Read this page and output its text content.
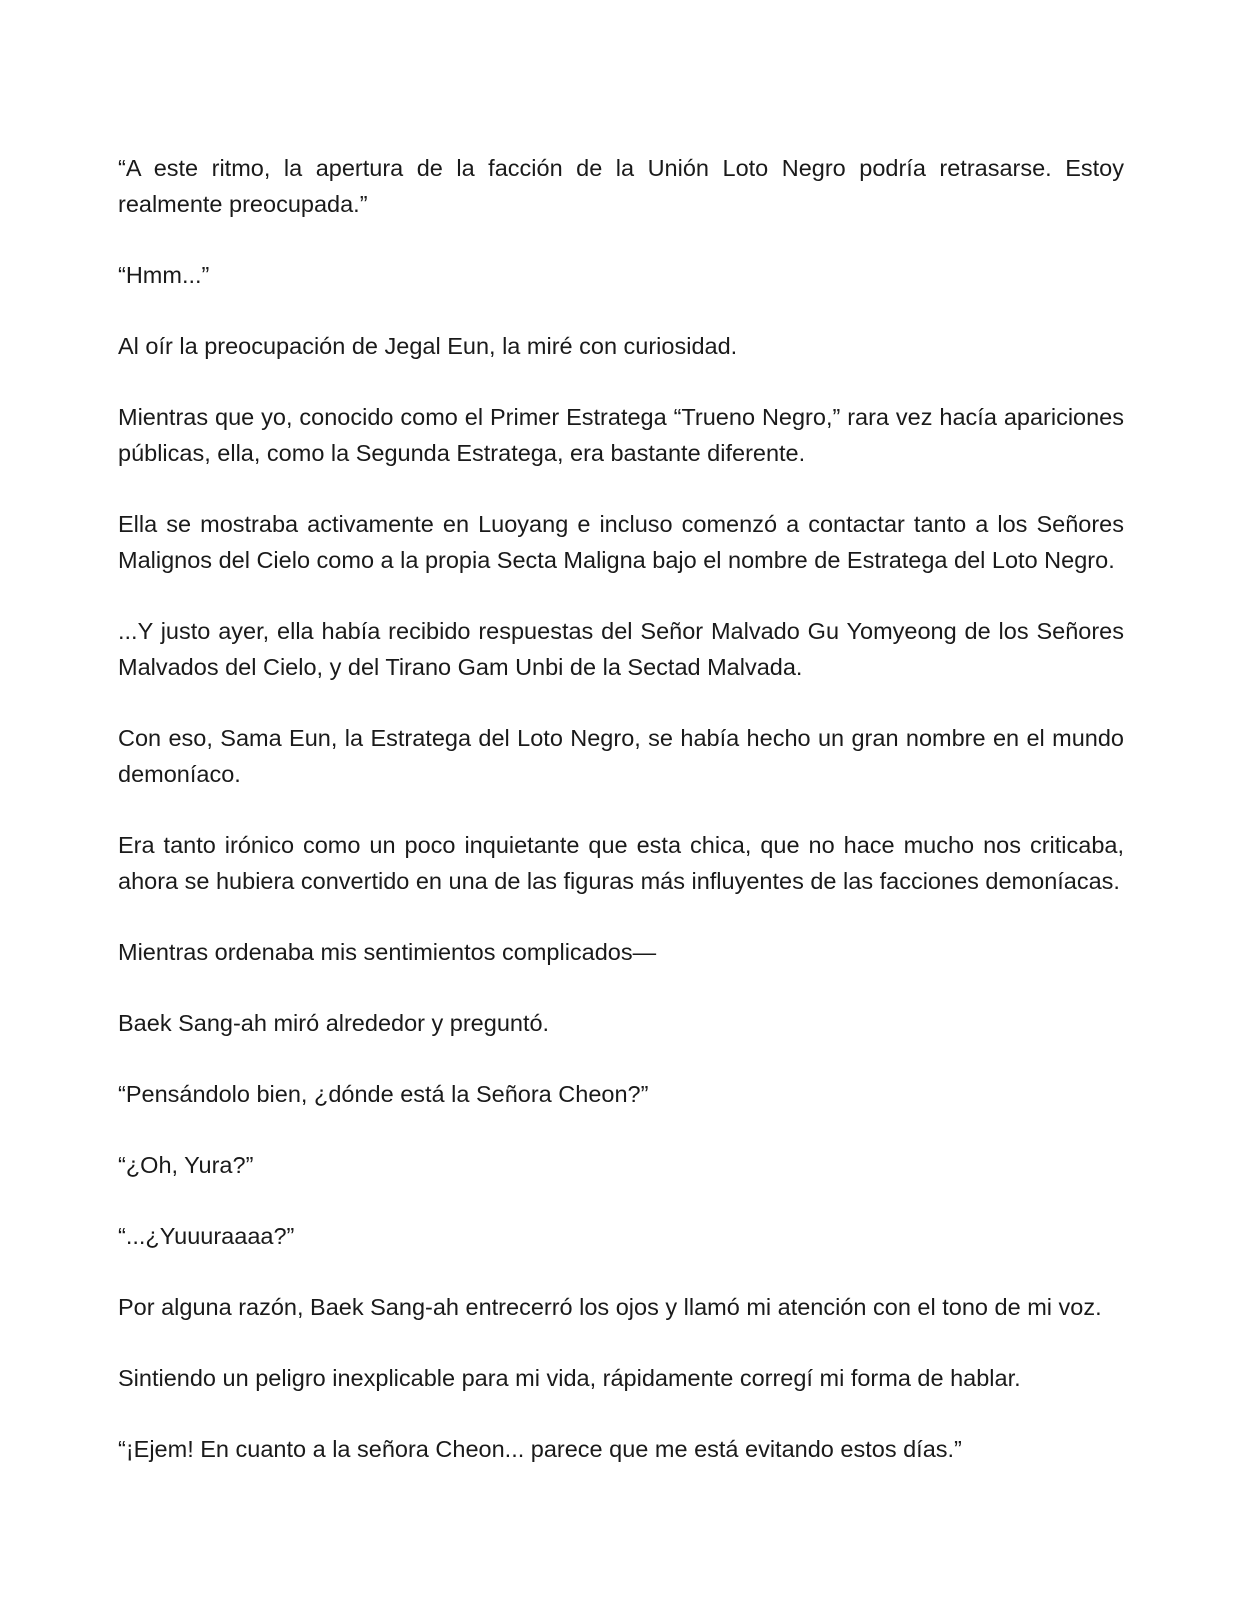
“A este ritmo, la apertura de la facción de la Unión Loto Negro podría retrasarse. Estoy realmente preocupada.”

“Hmm...”

Al oír la preocupación de Jegal Eun, la miré con curiosidad.

Mientras que yo, conocido como el Primer Estratega “Trueno Negro,” rara vez hacía apariciones públicas, ella, como la Segunda Estratega, era bastante diferente.

Ella se mostraba activamente en Luoyang e incluso comenzó a contactar tanto a los Señores Malignos del Cielo como a la propia Secta Maligna bajo el nombre de Estratega del Loto Negro.

...Y justo ayer, ella había recibido respuestas del Señor Malvado Gu Yomyeong de los Señores Malvados del Cielo, y del Tirano Gam Unbi de la Sectad Malvada.

Con eso, Sama Eun, la Estratega del Loto Negro, se había hecho un gran nombre en el mundo demoníaco.

Era tanto irónico como un poco inquietante que esta chica, que no hace mucho nos criticaba, ahora se hubiera convertido en una de las figuras más influyentes de las facciones demoníacas.

Mientras ordenaba mis sentimientos complicados—

Baek Sang-ah miró alrededor y preguntó.

“Pensándolo bien, ¿dónde está la Señora Cheon?”

“¿Oh, Yura?”

“...¿Yuuuraaaa?”

Por alguna razón, Baek Sang-ah entrecerró los ojos y llamó mi atención con el tono de mi voz.

Sintiendo un peligro inexplicable para mi vida, rápidamente corregí mi forma de hablar.

“¡Ejem! En cuanto a la señora Cheon... parece que me está evitando estos días.”
